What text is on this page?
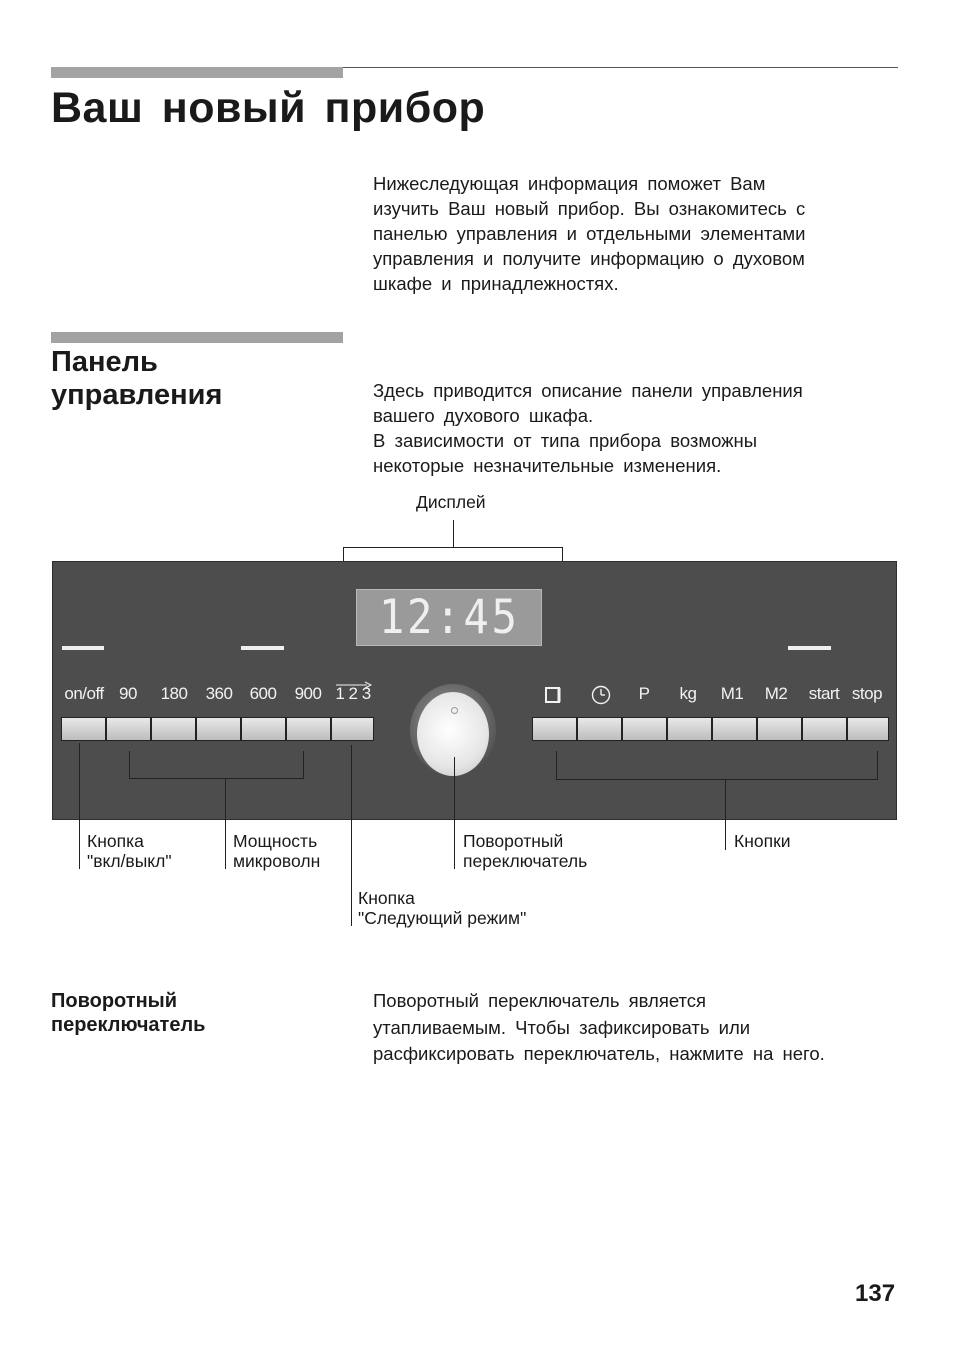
Ваш новый прибор

Нижеследующая информация поможет Вам

изучить Ваш новый прибор. Вы ознакомитесь с

панелью управления и отдельными элементами

управления и получите информацию о духовом

шкафе и принадлежностях.

Панель
управления	Здесь приводится описание панели управления

вашего духового шкафа.

В зависимости от типа прибора возможны

некоторые незначительные изменения.

Дисплей
12:45
on/off 90	180	360	600	900 1 2 3	P	kg	M1	M2	start stop
Кнопка
"вкл/выкл"
Мощность
микроволн
Кнопка
"Следующий режим"
Поворотный
переключатель
Кнопки
Поворотный
переключатель

Поворотный переключатель является

утапливаемым. Чтобы зафиксировать или

расфиксировать переключатель, нажмите на него.

137
